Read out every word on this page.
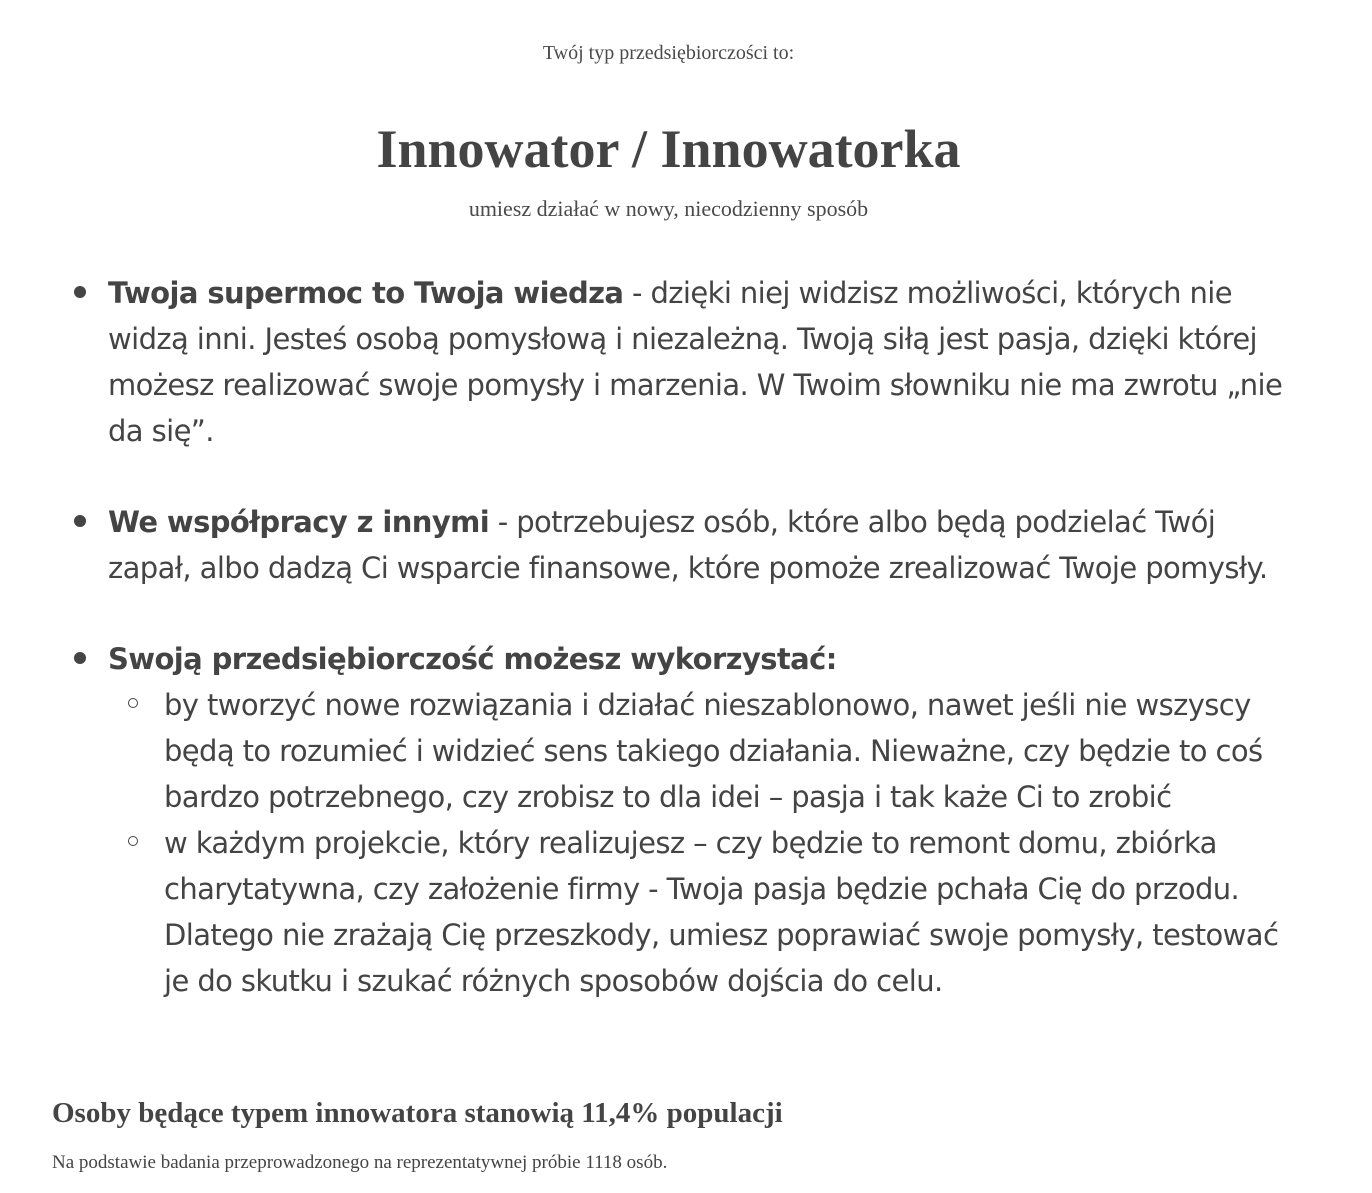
Twój typ przedsiębiorczości to:

Innowator / Innowatorka

umiesz działać w nowy, niecodzienny sposób

Twoja supermoc to Twoja wiedza - dzięki niej widzisz możliwości, których nie widzą inni. Jesteś osobą pomysłową i niezależną. Twoją siłą jest pasja, dzięki której możesz realizować swoje pomysły i marzenia. W Twoim słowniku nie ma zwrotu „nie da się”.
We współpracy z innymi - potrzebujesz osób, które albo będą podzielać Twój zapał, albo dadzą Ci wsparcie finansowe, które pomoże zrealizować Twoje pomysły.
Swoją przedsiębiorczość możesz wykorzystać:
by tworzyć nowe rozwiązania i działać nieszablonowo, nawet jeśli nie wszyscy będą to rozumieć i widzieć sens takiego działania. Nieważne, czy będzie to coś bardzo potrzebnego, czy zrobisz to dla idei – pasja i tak każe Ci to zrobić
w każdym projekcie, który realizujesz – czy będzie to remont domu, zbiórka charytatywna, czy założenie firmy - Twoja pasja będzie pchała Cię do przodu. Dlatego nie zrażają Cię przeszkody, umiesz poprawiać swoje pomysły, testować je do skutku i szukać różnych sposobów dojścia do celu.
Osoby będące typem innowatora stanowią 11,4% populacji

Na podstawie badania przeprowadzonego na reprezentatywnej próbie 1118 osób.
